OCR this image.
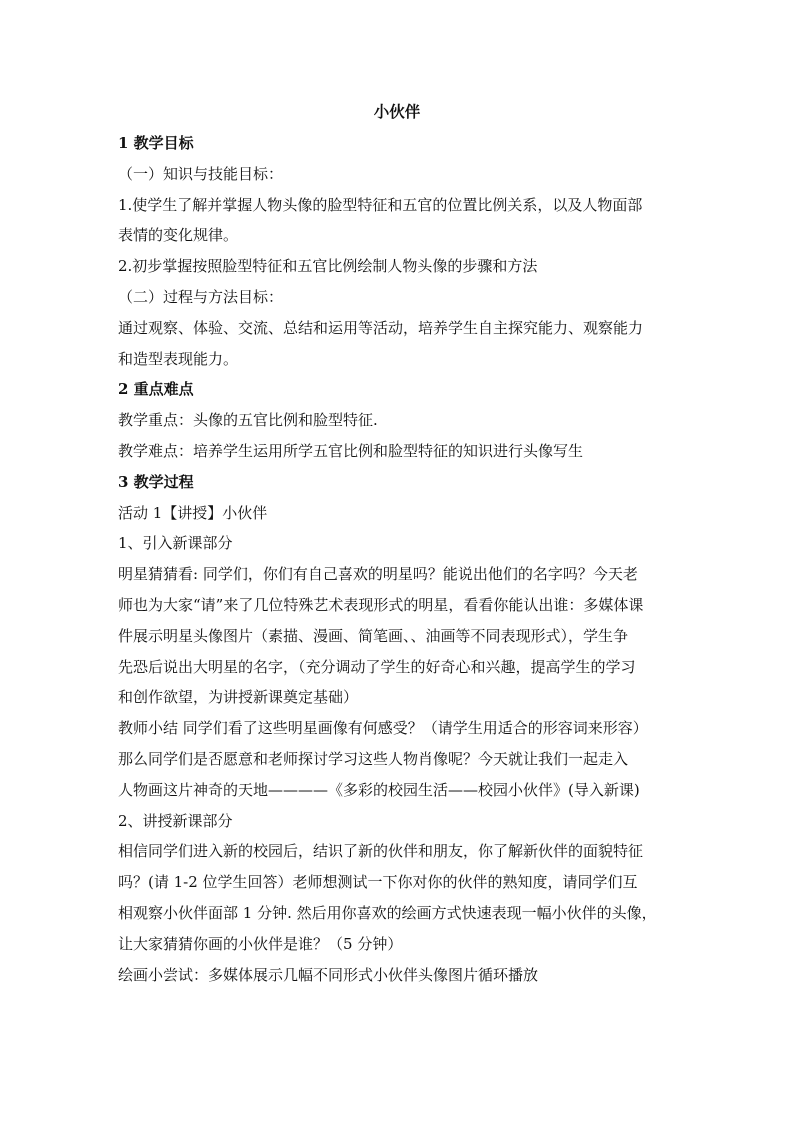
小伙伴
1 教学目标
（一）知识与技能目标：
1.使学生了解并掌握人物头像的脸型特征和五官的位置比例关系，以及人物面部
表情的变化规律。
2.初步掌握按照脸型特征和五官比例绘制人物头像的步骤和方法
（二）过程与方法目标：
通过观察、体验、交流、总结和运用等活动，培养学生自主探究能力、观察能力
和造型表现能力。
2 重点难点
教学重点：头像的五官比例和脸型特征.
教学难点：培养学生运用所学五官比例和脸型特征的知识进行头像写生
3 教学过程
活动 1【讲授】小伙伴
1、引入新课部分
明星猜猜看: 同学们，你们有自己喜欢的明星吗？能说出他们的名字吗？今天老
师也为大家“请”来了几位特殊艺术表现形式的明星，看看你能认出谁：多媒体课
件展示明星头像图片（素描、漫画、简笔画、、油画等不同表现形式），学生争
先恐后说出大明星的名字，（充分调动了学生的好奇心和兴趣，提高学生的学习
和创作欲望，为讲授新课奠定基础）
教师小结 同学们看了这些明星画像有何感受？（请学生用适合的形容词来形容）
那么同学们是否愿意和老师探讨学习这些人物肖像呢？今天就让我们一起走入
人物画这片神奇的天地————《多彩的校园生活——校园小伙伴》(导入新课)
2、讲授新课部分
相信同学们进入新的校园后，结识了新的伙伴和朋友，你了解新伙伴的面貌特征
吗？(请 1-2 位学生回答）老师想测试一下你对你的伙伴的熟知度，请同学们互
相观察小伙伴面部 1 分钟. 然后用你喜欢的绘画方式快速表现一幅小伙伴的头像，
让大家猜猜你画的小伙伴是谁？（5 分钟）
绘画小尝试：多媒体展示几幅不同形式小伙伴头像图片循环播放
